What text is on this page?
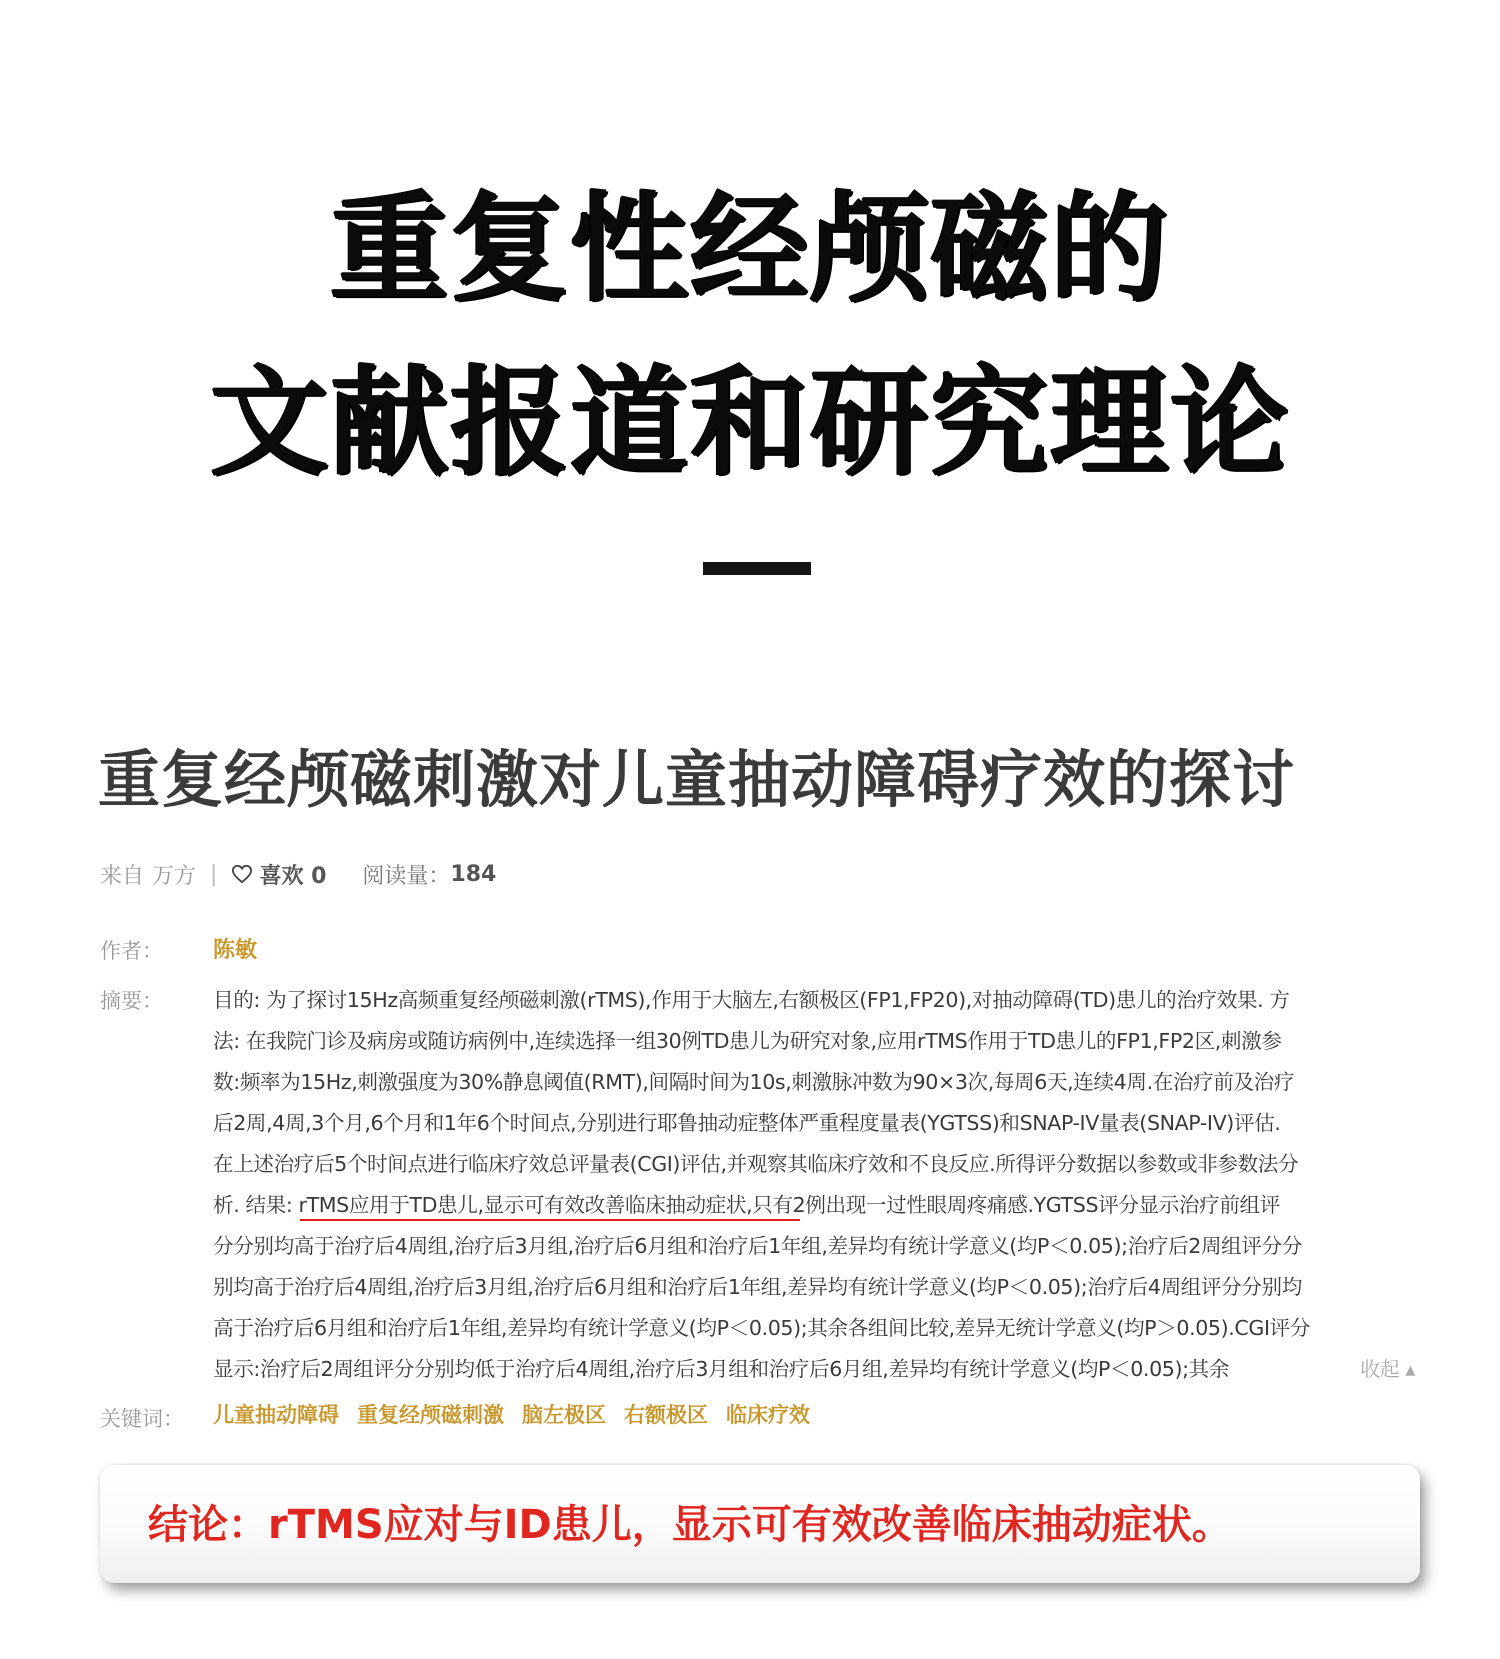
重复性经颅磁的
文献报道和研究理论
重复经颅磁刺激对儿童抽动障碍疗效的探讨
来自 万方 | 喜欢 0 阅读量： 184
作者： 陈敏
摘要： 目的: 为了探讨15Hz高频重复经颅磁刺激(rTMS),作用于大脑左,右额极区(FP1,FP20),对抽动障碍(TD)患儿的治疗效果. 方
法: 在我院门诊及病房或随访病例中,连续选择一组30例TD患儿为研究对象,应用rTMS作用于TD患儿的FP1,FP2区,刺激参
数:频率为15Hz,刺激强度为30%静息阈值(RMT),间隔时间为10s,刺激脉冲数为90×3次,每周6天,连续4周.在治疗前及治疗
后2周,4周,3个月,6个月和1年6个时间点,分别进行耶鲁抽动症整体严重程度量表(YGTSS)和SNAP-IV量表(SNAP-IV)评估.
在上述治疗后5个时间点进行临床疗效总评量表(CGI)评估,并观察其临床疗效和不良反应.所得评分数据以参数或非参数法分
析. 结果: rTMS应用于TD患儿,显示可有效改善临床抽动症状,只有2例出现一过性眼周疼痛感.YGTSS评分显示治疗前组评
分分别均高于治疗后4周组,治疗后3月组,治疗后6月组和治疗后1年组,差异均有统计学意义(均P＜0.05);治疗后2周组评分分
别均高于治疗后4周组,治疗后3月组,治疗后6月组和治疗后1年组,差异均有统计学意义(均P＜0.05);治疗后4周组评分分别均
高于治疗后6月组和治疗后1年组,差异均有统计学意义(均P＜0.05);其余各组间比较,差异无统计学意义(均P＞0.05).CGI评分
显示:治疗后2周组评分分别均低于治疗后4周组,治疗后3月组和治疗后6月组,差异均有统计学意义(均P＜0.05);其余	收起 ▴
关键词： 儿童抽动障碍 重复经颅磁刺激 脑左极区 右额极区 临床疗效
结论：rTMS应对与ID患儿，显示可有效改善临床抽动症状。
